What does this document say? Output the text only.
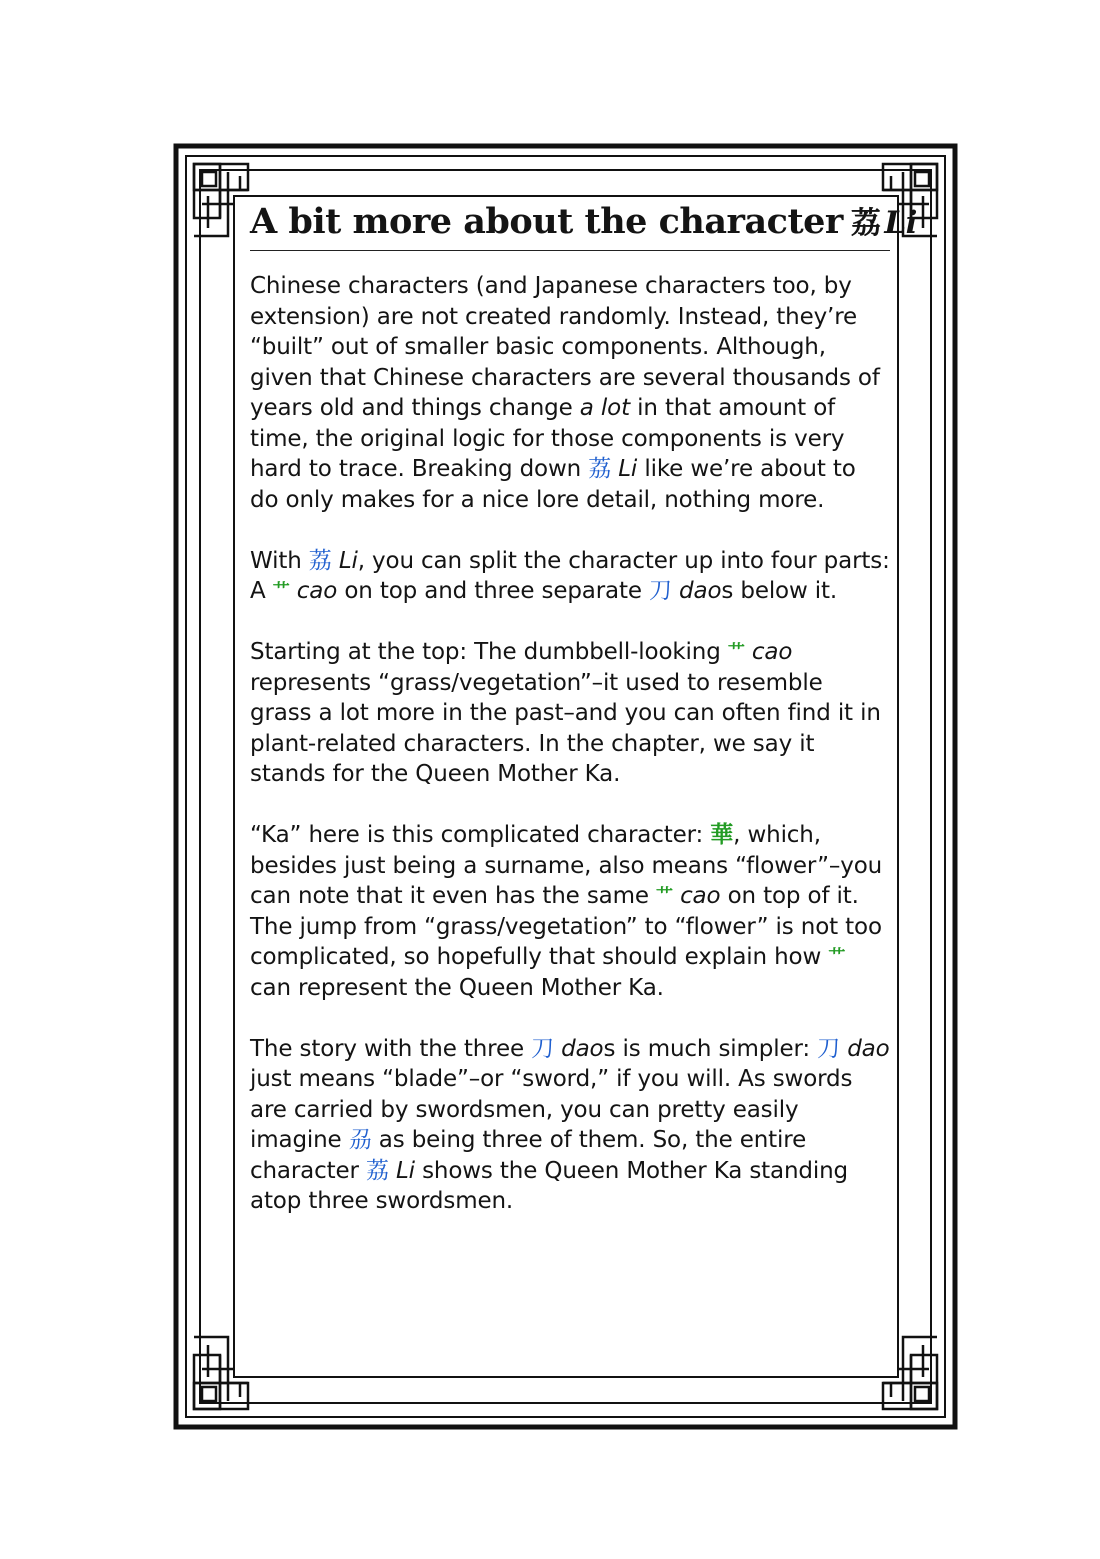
A bit more about the character 荔 Li

Chinese characters (and Japanese characters too, by extension) are not created randomly. Instead, they’re “built” out of smaller basic components. Although, given that Chinese characters are several thousands of years old and things change a lot in that amount of time, the original logic for those components is very hard to trace. Breaking down 荔 Li like we’re about to do only makes for a nice lore detail, nothing more.

With 荔 Li, you can split the character up into four parts: A 艹 cao on top and three separate 刀 daos below it.

Starting at the top: The dumbbell-looking 艹 cao represents “grass/vegetation”–it used to resemble grass a lot more in the past–and you can often find it in plant-related characters. In the chapter, we say it stands for the Queen Mother Ka.

“Ka” here is this complicated character: 華, which, besides just being a surname, also means “flower”–you can note that it even has the same 艹 cao on top of it. The jump from “grass/vegetation” to “flower” is not too complicated, so hopefully that should explain how 艹 can represent the Queen Mother Ka.

The story with the three 刀 daos is much simpler: 刀 dao just means “blade”–or “sword,” if you will. As swords are carried by swordsmen, you can pretty easily imagine 刕 as being three of them. So, the entire character 荔 Li shows the Queen Mother Ka standing atop three swordsmen.
